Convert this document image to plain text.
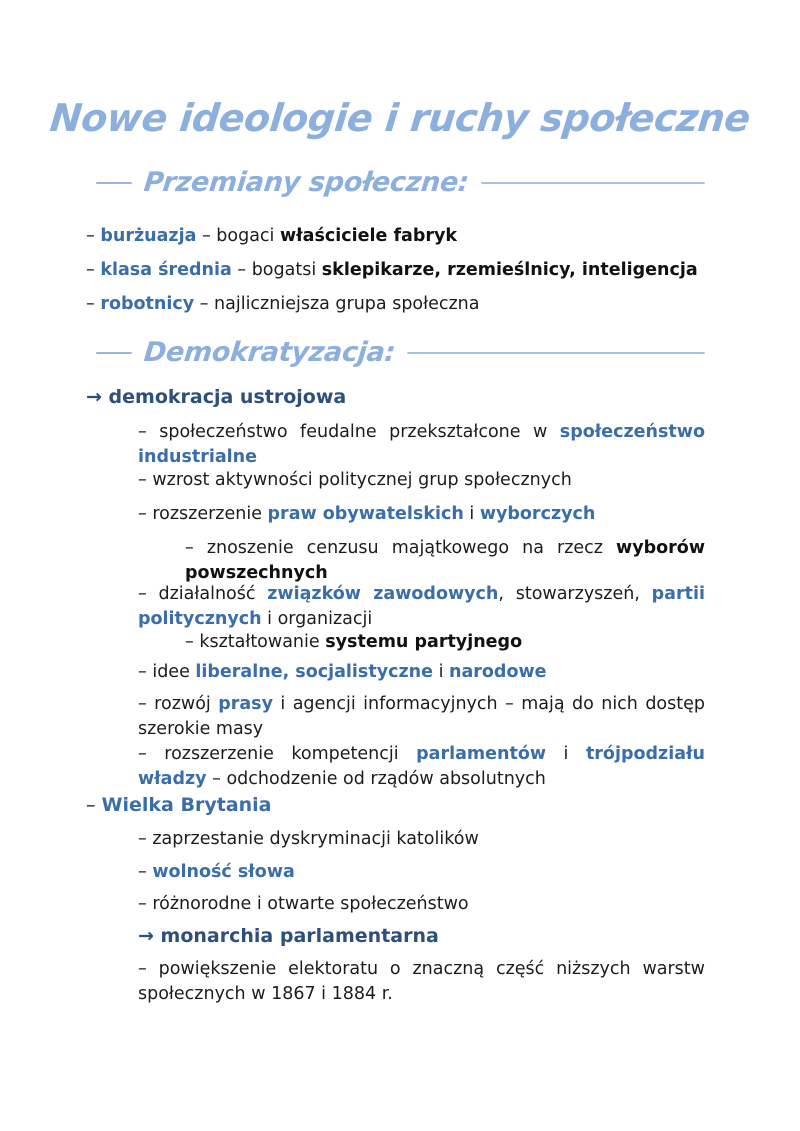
Nowe ideologie i ruchy społeczne
Przemiany społeczne:
– burżuazja – bogaci właściciele fabryk
– klasa średnia – bogatsi sklepikarze, rzemieślnicy, inteligencja
– robotnicy – najliczniejsza grupa społeczna
Demokratyzacja:
→ demokracja ustrojowa
– społeczeństwo feudalne przekształcone w społeczeństwo industrialne
– wzrost aktywności politycznej grup społecznych
– rozszerzenie praw obywatelskich i wyborczych
– znoszenie cenzusu majątkowego na rzecz wyborów powszechnych
– działalność związków zawodowych, stowarzyszeń, partii politycznych i organizacji
– kształtowanie systemu partyjnego
– idee liberalne, socjalistyczne i narodowe
– rozwój prasy i agencji informacyjnych – mają do nich dostęp szerokie masy
– rozszerzenie kompetencji parlamentów i trójpodziału władzy – odchodzenie od rządów absolutnych
– Wielka Brytania
– zaprzestanie dyskryminacji katolików
– wolność słowa
– różnorodne i otwarte społeczeństwo
→ monarchia parlamentarna
– powiększenie elektoratu o znaczną część niższych warstw społecznych w 1867 i 1884 r.
